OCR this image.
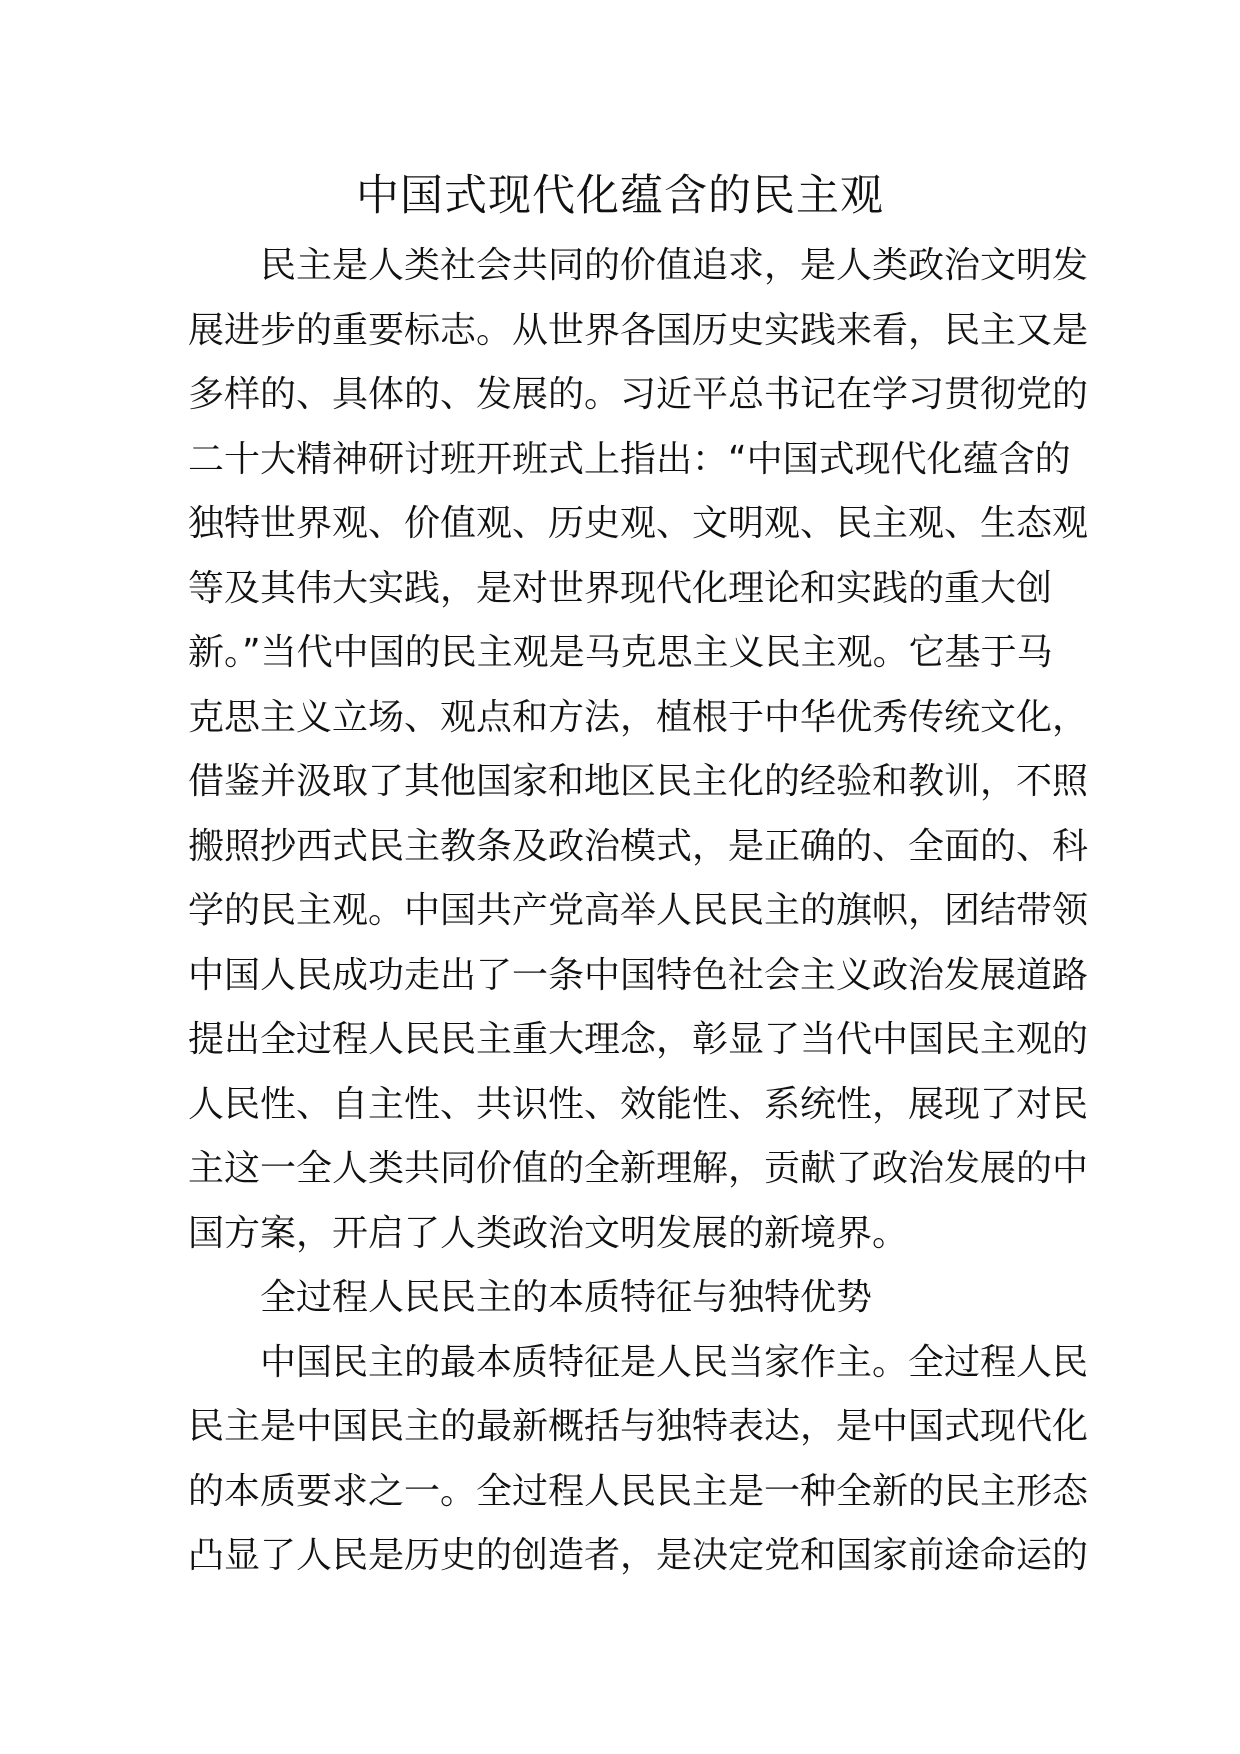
中国式现代化蕴含的民主观
民主是人类社会共同的价值追求，是人类政治文明发
展进步的重要标志。从世界各国历史实践来看，民主又是
多样的、具体的、发展的。习近平总书记在学习贯彻党的
二十大精神研讨班开班式上指出：“中国式现代化蕴含的
独特世界观、价值观、历史观、文明观、民主观、生态观
等及其伟大实践，是对世界现代化理论和实践的重大创
新。”当代中国的民主观是马克思主义民主观。它基于马
克思主义立场、观点和方法，植根于中华优秀传统文化，
借鉴并汲取了其他国家和地区民主化的经验和教训，不照
搬照抄西式民主教条及政治模式，是正确的、全面的、科
学的民主观。中国共产党高举人民民主的旗帜，团结带领
中国人民成功走出了一条中国特色社会主义政治发展道路
提出全过程人民民主重大理念，彰显了当代中国民主观的
人民性、自主性、共识性、效能性、系统性，展现了对民
主这一全人类共同价值的全新理解，贡献了政治发展的中
国方案，开启了人类政治文明发展的新境界。
全过程人民民主的本质特征与独特优势
中国民主的最本质特征是人民当家作主。全过程人民
民主是中国民主的最新概括与独特表达，是中国式现代化
的本质要求之一。全过程人民民主是一种全新的民主形态
凸显了人民是历史的创造者，是决定党和国家前途命运的
